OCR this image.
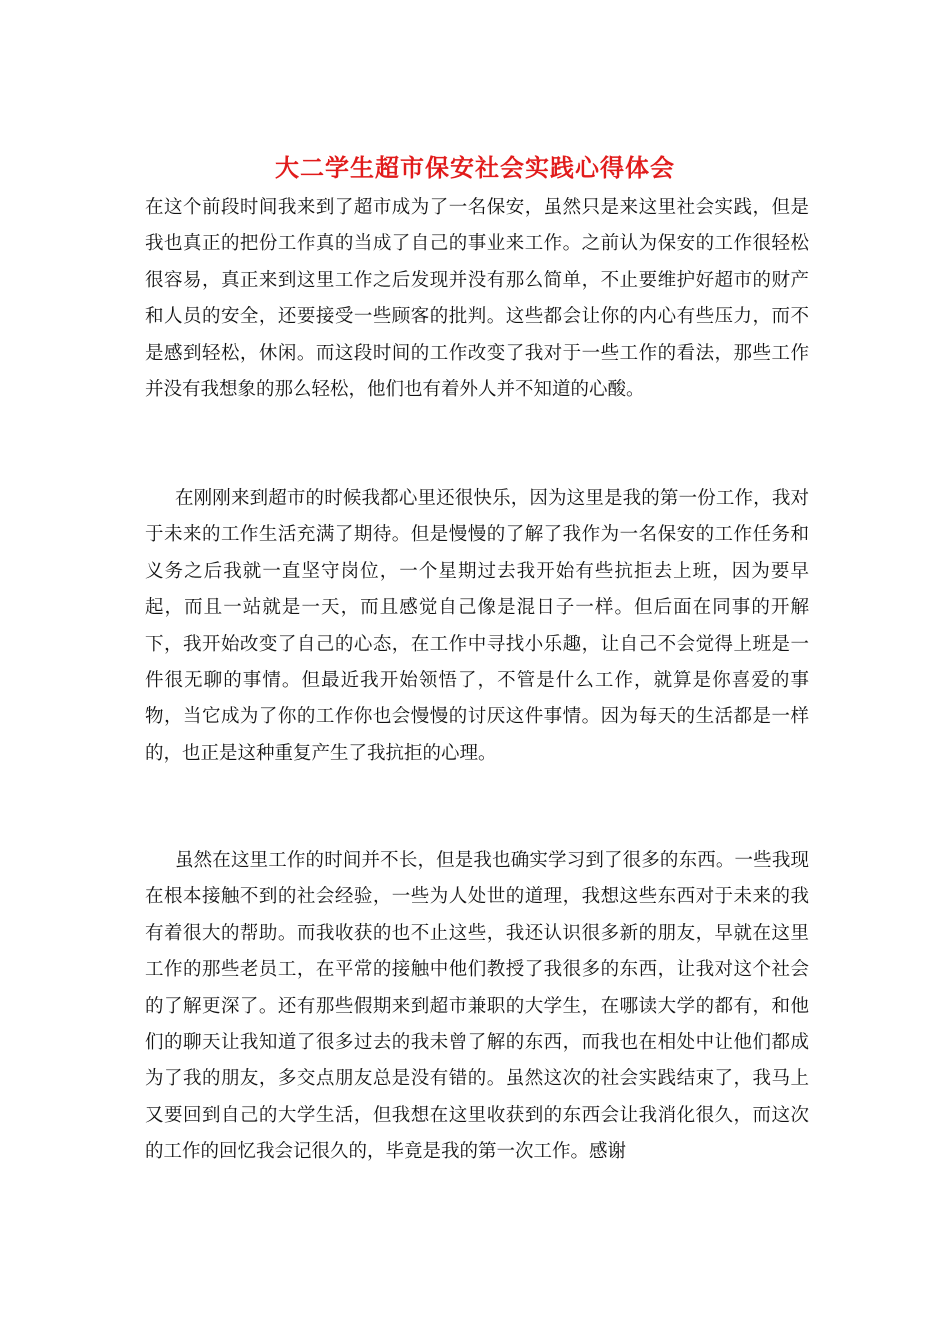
大二学生超市保安社会实践心得体会

在这个前段时间我来到了超市成为了一名保安，虽然只是来这里社会实践，但是我也真正的把份工作真的当成了自己的事业来工作。之前认为保安的工作很轻松很容易，真正来到这里工作之后发现并没有那么简单，不止要维护好超市的财产和人员的安全，还要接受一些顾客的批判。这些都会让你的内心有些压力，而不是感到轻松，休闲。而这段时间的工作改变了我对于一些工作的看法，那些工作并没有我想象的那么轻松，他们也有着外人并不知道的心酸。

在刚刚来到超市的时候我都心里还很快乐，因为这里是我的第一份工作，我对于未来的工作生活充满了期待。但是慢慢的了解了我作为一名保安的工作任务和义务之后我就一直坚守岗位，一个星期过去我开始有些抗拒去上班，因为要早起，而且一站就是一天，而且感觉自己像是混日子一样。但后面在同事的开解下，我开始改变了自己的心态，在工作中寻找小乐趣，让自己不会觉得上班是一件很无聊的事情。但最近我开始领悟了，不管是什么工作，就算是你喜爱的事物，当它成为了你的工作你也会慢慢的讨厌这件事情。因为每天的生活都是一样的，也正是这种重复产生了我抗拒的心理。

虽然在这里工作的时间并不长，但是我也确实学习到了很多的东西。一些我现在根本接触不到的社会经验，一些为人处世的道理，我想这些东西对于未来的我有着很大的帮助。而我收获的也不止这些，我还认识很多新的朋友，早就在这里工作的那些老员工，在平常的接触中他们教授了我很多的东西，让我对这个社会的了解更深了。还有那些假期来到超市兼职的大学生，在哪读大学的都有，和他们的聊天让我知道了很多过去的我未曾了解的东西，而我也在相处中让他们都成为了我的朋友，多交点朋友总是没有错的。虽然这次的社会实践结束了，我马上又要回到自己的大学生活，但我想在这里收获到的东西会让我消化很久，而这次的工作的回忆我会记很久的，毕竟是我的第一次工作。感谢
